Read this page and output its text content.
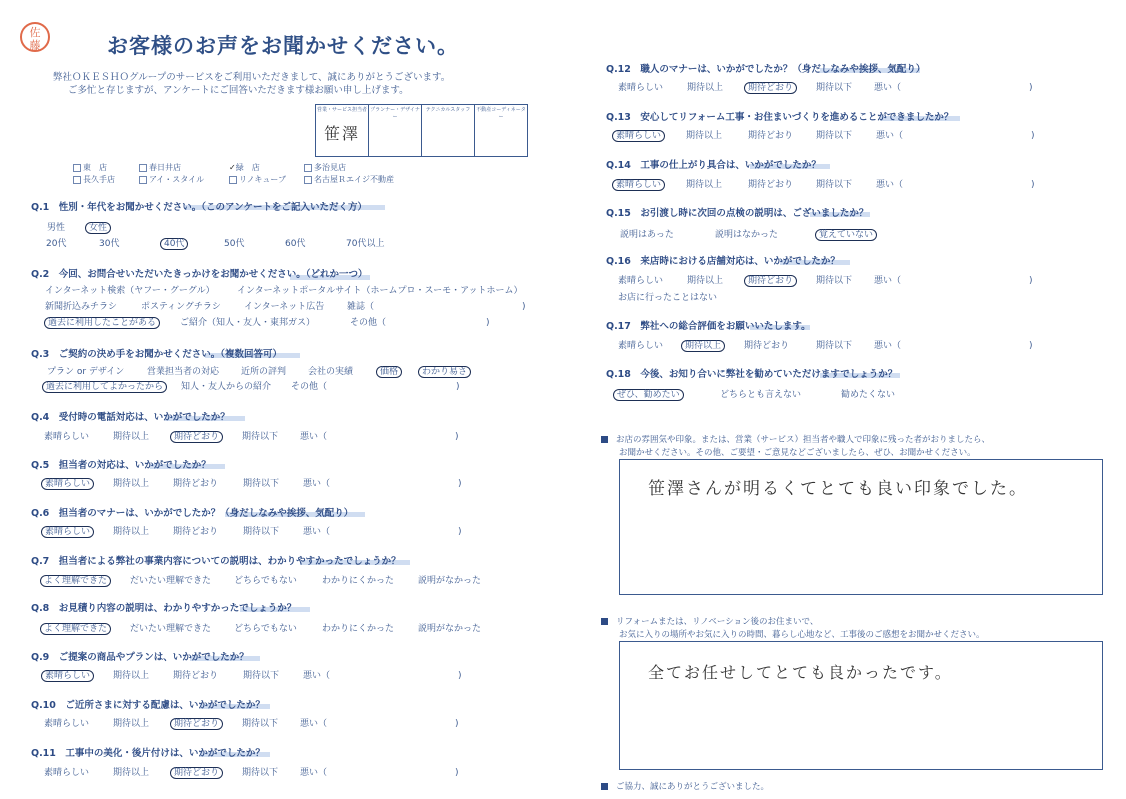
佐藤	お客様のお声をお聞かせください。
弊社ＯＫＥＳＨＯグループのサービスをご利用いただきまして、誠にありがとうございます。
ご多忙と存じますが、アンケートにご回答いただきます様お願い申し上げます。
営業・サービス担当者
笹澤
	プランナー・デザイナー	テクニカルスタッフ	不動産コーディネーター
東　店	春日井店	✓緑　店	多治見店
長久手店	アイ・スタイル	リノキューブ	名古屋Ｒエイジ不動産
Q.1　性別・年代をお聞かせください。（このアンケートをご記入いただく方）
男性	女性
20代	30代	40代	50代	60代	70代以上
Q.2　今回、お問合せいただいたきっかけをお聞かせください。（どれか一つ）
インターネット検索（ヤフー・グーグル） インターネットポータルサイト（ホームプロ・スーモ・アットホーム）
新聞折込みチラシ	ポスティングチラシ	インターネット広告	雑誌（	)
過去に利用したことがある	ご紹介（知人・友人・東邦ガス）	その他（	)
Q.3　ご契約の決め手をお聞かせください。（複数回答可）
プラン or デザイン	営業担当者の対応 近所の評判 会社の実績	価格	わかり易さ
過去に利用してよかったから 知人・友人からの紹介 その他（	)
Q.4　受付時の電話対応は、いかがでしたか？
素晴らしい	期待以上	期待どおり	期待以下 悪い（	)
Q.5　担当者の対応は、いかがでしたか？
素晴らしい	期待以上	期待どおり	期待以下	悪い（	)
Q.6　担当者のマナーは、いかがでしたか？（身だしなみや挨拶、気配り）
素晴らしい	期待以上	期待どおり	期待以下	悪い（	)
Q.7　担当者による弊社の事業内容についての説明は、わかりやすかったでしょうか？
よく理解できた	だいたい理解できた	どちらでもない	わかりにくかった	説明がなかった
Q.8　お見積り内容の説明は、わかりやすかったでしょうか？
よく理解できた	だいたい理解できた	どちらでもない	わかりにくかった	説明がなかった
Q.9　ご提案の商品やプランは、いかがでしたか？
素晴らしい	期待以上	期待どおり	期待以下	悪い（	)
Q.10　ご近所さまに対する配慮は、いかがでしたか？
素晴らしい	期待以上	期待どおり	期待以下 悪い（	)
Q.11　工事中の美化・後片付けは、いかがでしたか？
素晴らしい	期待以上	期待どおり	期待以下 悪い（	)
Q.12　職人のマナーは、いかがでしたか？（身だしなみや挨拶、気配り）
素晴らしい	期待以上	期待どおり	期待以下 悪い（	)
Q.13　安心してリフォーム工事・お住まいづくりを進めることができましたか？
素晴らしい	期待以上	期待どおり	期待以下	悪い（	)
Q.14　工事の仕上がり具合は、いかがでしたか？
素晴らしい	期待以上	期待どおり	期待以下	悪い（	)
Q.15　お引渡し時に次回の点検の説明は、ございましたか？
説明はあった	説明はなかった	覚えていない
Q.16　来店時における店舗対応は、いかがでしたか？
素晴らしい	期待以上	期待どおり	期待以下 悪い（	)
お店に行ったことはない
Q.17　弊社への総合評価をお願いいたします。
素晴らしい 期待以上	期待どおり	期待以下 悪い（	)
Q.18　今後、お知り合いに弊社を勧めていただけますでしょうか？
ぜひ、勧めたい	どちらとも言えない	勧めたくない
お店の雰囲気や印象。または、営業（サービス）担当者や職人で印象に残った者がおりましたら、
お聞かせください。その他、ご要望・ご意見などございましたら、ぜひ、お聞かせください。
笹澤さんが明るくてとても良い印象でした。
リフォームまたは、リノベーション後のお住まいで、
お気に入りの場所やお気に入りの時間、暮らし心地など、工事後のご感想をお聞かせください。
全てお任せしてとても良かったです。
ご協力、誠にありがとうございました。
